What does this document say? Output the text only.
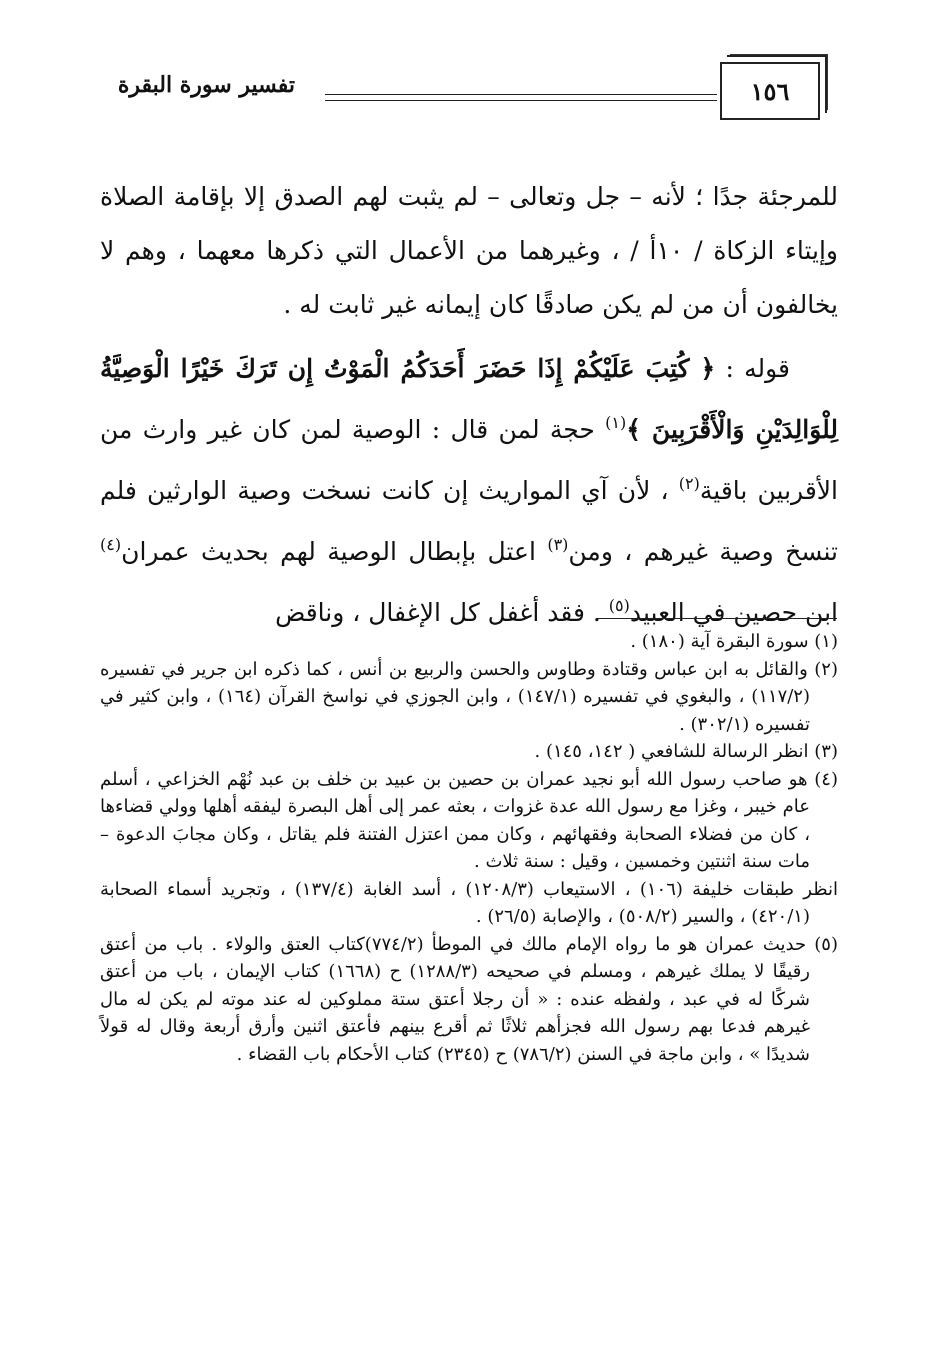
١٥٦
تفسير سورة البقرة

للمرجئة جدًا ؛ لأنه – جل وتعالى – لم يثبت لهم الصدق إلا بإقامة الصلاة وإيتاء الزكاة / ١٠أ / ، وغيرهما من الأعمال التي ذكرها معهما ، وهم لا يخالفون أن من لم يكن صادقًا كان إيمانه غير ثابت له .

قوله : ﴿ كُتِبَ عَلَيْكُمْ إِذَا حَضَرَ أَحَدَكُمُ الْمَوْتُ إِن تَرَكَ خَيْرًا الْوَصِيَّةُ لِلْوَالِدَيْنِ وَالْأَقْرَبِينَ ﴾$^{(١)}$ حجة لمن قال : الوصية لمن كان غير وارث من الأقربين باقية$^{(٢)}$ ، لأن آي المواريث إن كانت نسخت وصية الوارثين فلم تنسخ وصية غيرهم ، ومن$^{(٣)}$ اعتل بإبطال الوصية لهم بحديث عمران$^{(٤)}$ ابن حصين في العبيد$^{(٥)}$ . فقد أغفل كل الإغفال ، وناقض

(١) سورة البقرة آية (١٨٠) .

(٢) والقائل به ابن عباس وقتادة وطاوس والحسن والربيع بن أنس ، كما ذكره ابن جرير في تفسيره (١١٧/٢) ، والبغوي في تفسيره (١٤٧/١) ، وابن الجوزي في نواسخ القرآن (١٦٤) ، وابن كثير في تفسيره (٣٠٢/١) .

(٣) انظر الرسالة للشافعي ( ١٤٢، ١٤٥) .

(٤) هو صاحب رسول الله أبو نجيد عمران بن حصين بن عبيد بن خلف بن عبد نُهْم الخزاعي ، أسلم عام خيبر ، وغزا مع رسول الله عدة غزوات ، بعثه عمر إلى أهل البصرة ليفقه أهلها وولي قضاءها ، كان من فضلاء الصحابة وفقهائهم ، وكان ممن اعتزل الفتنة فلم يقاتل ، وكان مجابَ الدعوة – مات سنة اثنتين وخمسين ، وقيل : سنة ثلاث .

انظر طبقات خليفة (١٠٦) ، الاستيعاب (١٢٠٨/٣) ، أسد الغابة (١٣٧/٤) ، وتجريد أسماء الصحابة (٤٢٠/١) ، والسير (٥٠٨/٢) ، والإصابة (٢٦/٥) .

(٥) حديث عمران هو ما رواه الإمام مالك في الموطأ (٧٧٤/٢)كتاب العتق والولاء . باب من أعتق رقيقًا لا يملك غيرهم ، ومسلم في صحيحه (١٢٨٨/٣) ح (١٦٦٨) كتاب الإيمان ، باب من أعتق شركًا له في عبد ، ولفظه عنده : « أن رجلا أعتق ستة مملوكين له عند موته لم يكن له مال غيرهم فدعا بهم رسول الله فجزأهم ثلاثًا ثم أقرع بينهم فأعتق اثنين وأرق أربعة وقال له قولاً شديدًا » ، وابن ماجة في السنن (٧٨٦/٢) ح (٢٣٤٥) كتاب الأحكام باب القضاء .
